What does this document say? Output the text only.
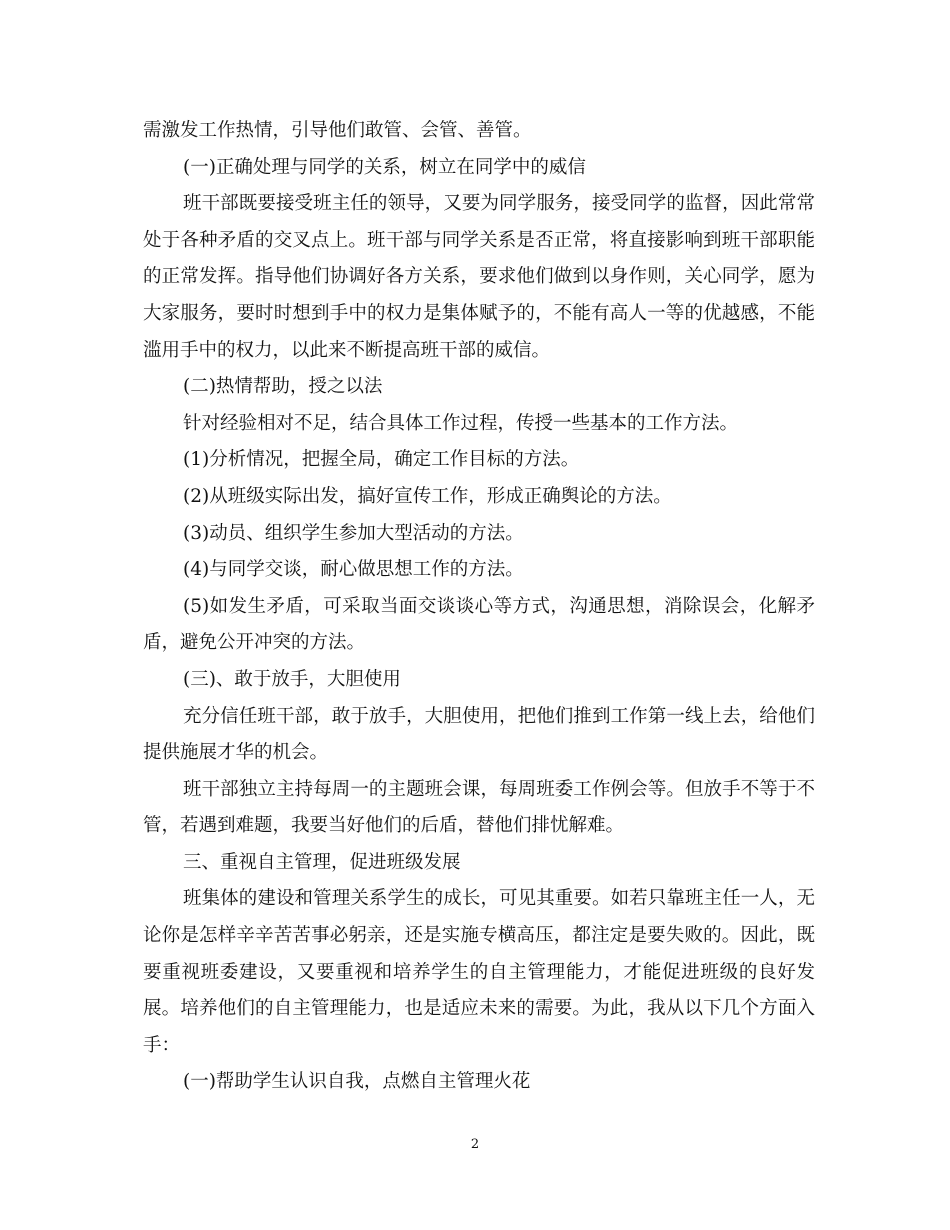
需激发工作热情，引导他们敢管、会管、善管。

(一)正确处理与同学的关系，树立在同学中的威信

班干部既要接受班主任的领导，又要为同学服务，接受同学的监督，因此常常处于各种矛盾的交叉点上。班干部与同学关系是否正常，将直接影响到班干部职能的正常发挥。指导他们协调好各方关系，要求他们做到以身作则，关心同学，愿为大家服务，要时时想到手中的权力是集体赋予的，不能有高人一等的优越感，不能滥用手中的权力，以此来不断提高班干部的威信。

(二)热情帮助，授之以法

针对经验相对不足，结合具体工作过程，传授一些基本的工作方法。

(1)分析情况，把握全局，确定工作目标的方法。

(2)从班级实际出发，搞好宣传工作，形成正确舆论的方法。

(3)动员、组织学生参加大型活动的方法。

(4)与同学交谈，耐心做思想工作的方法。

(5)如发生矛盾，可采取当面交谈谈心等方式，沟通思想，消除误会，化解矛盾，避免公开冲突的方法。

(三)、敢于放手，大胆使用

充分信任班干部，敢于放手，大胆使用，把他们推到工作第一线上去，给他们提供施展才华的机会。

班干部独立主持每周一的主题班会课，每周班委工作例会等。但放手不等于不管，若遇到难题，我要当好他们的后盾，替他们排忧解难。

三、重视自主管理，促进班级发展

班集体的建设和管理关系学生的成长，可见其重要。如若只靠班主任一人，无论你是怎样辛辛苦苦事必躬亲，还是实施专横高压，都注定是要失败的。因此，既要重视班委建设，又要重视和培养学生的自主管理能力，才能促进班级的良好发展。培养他们的自主管理能力，也是适应未来的需要。为此，我从以下几个方面入手：

(一)帮助学生认识自我，点燃自主管理火花

2
